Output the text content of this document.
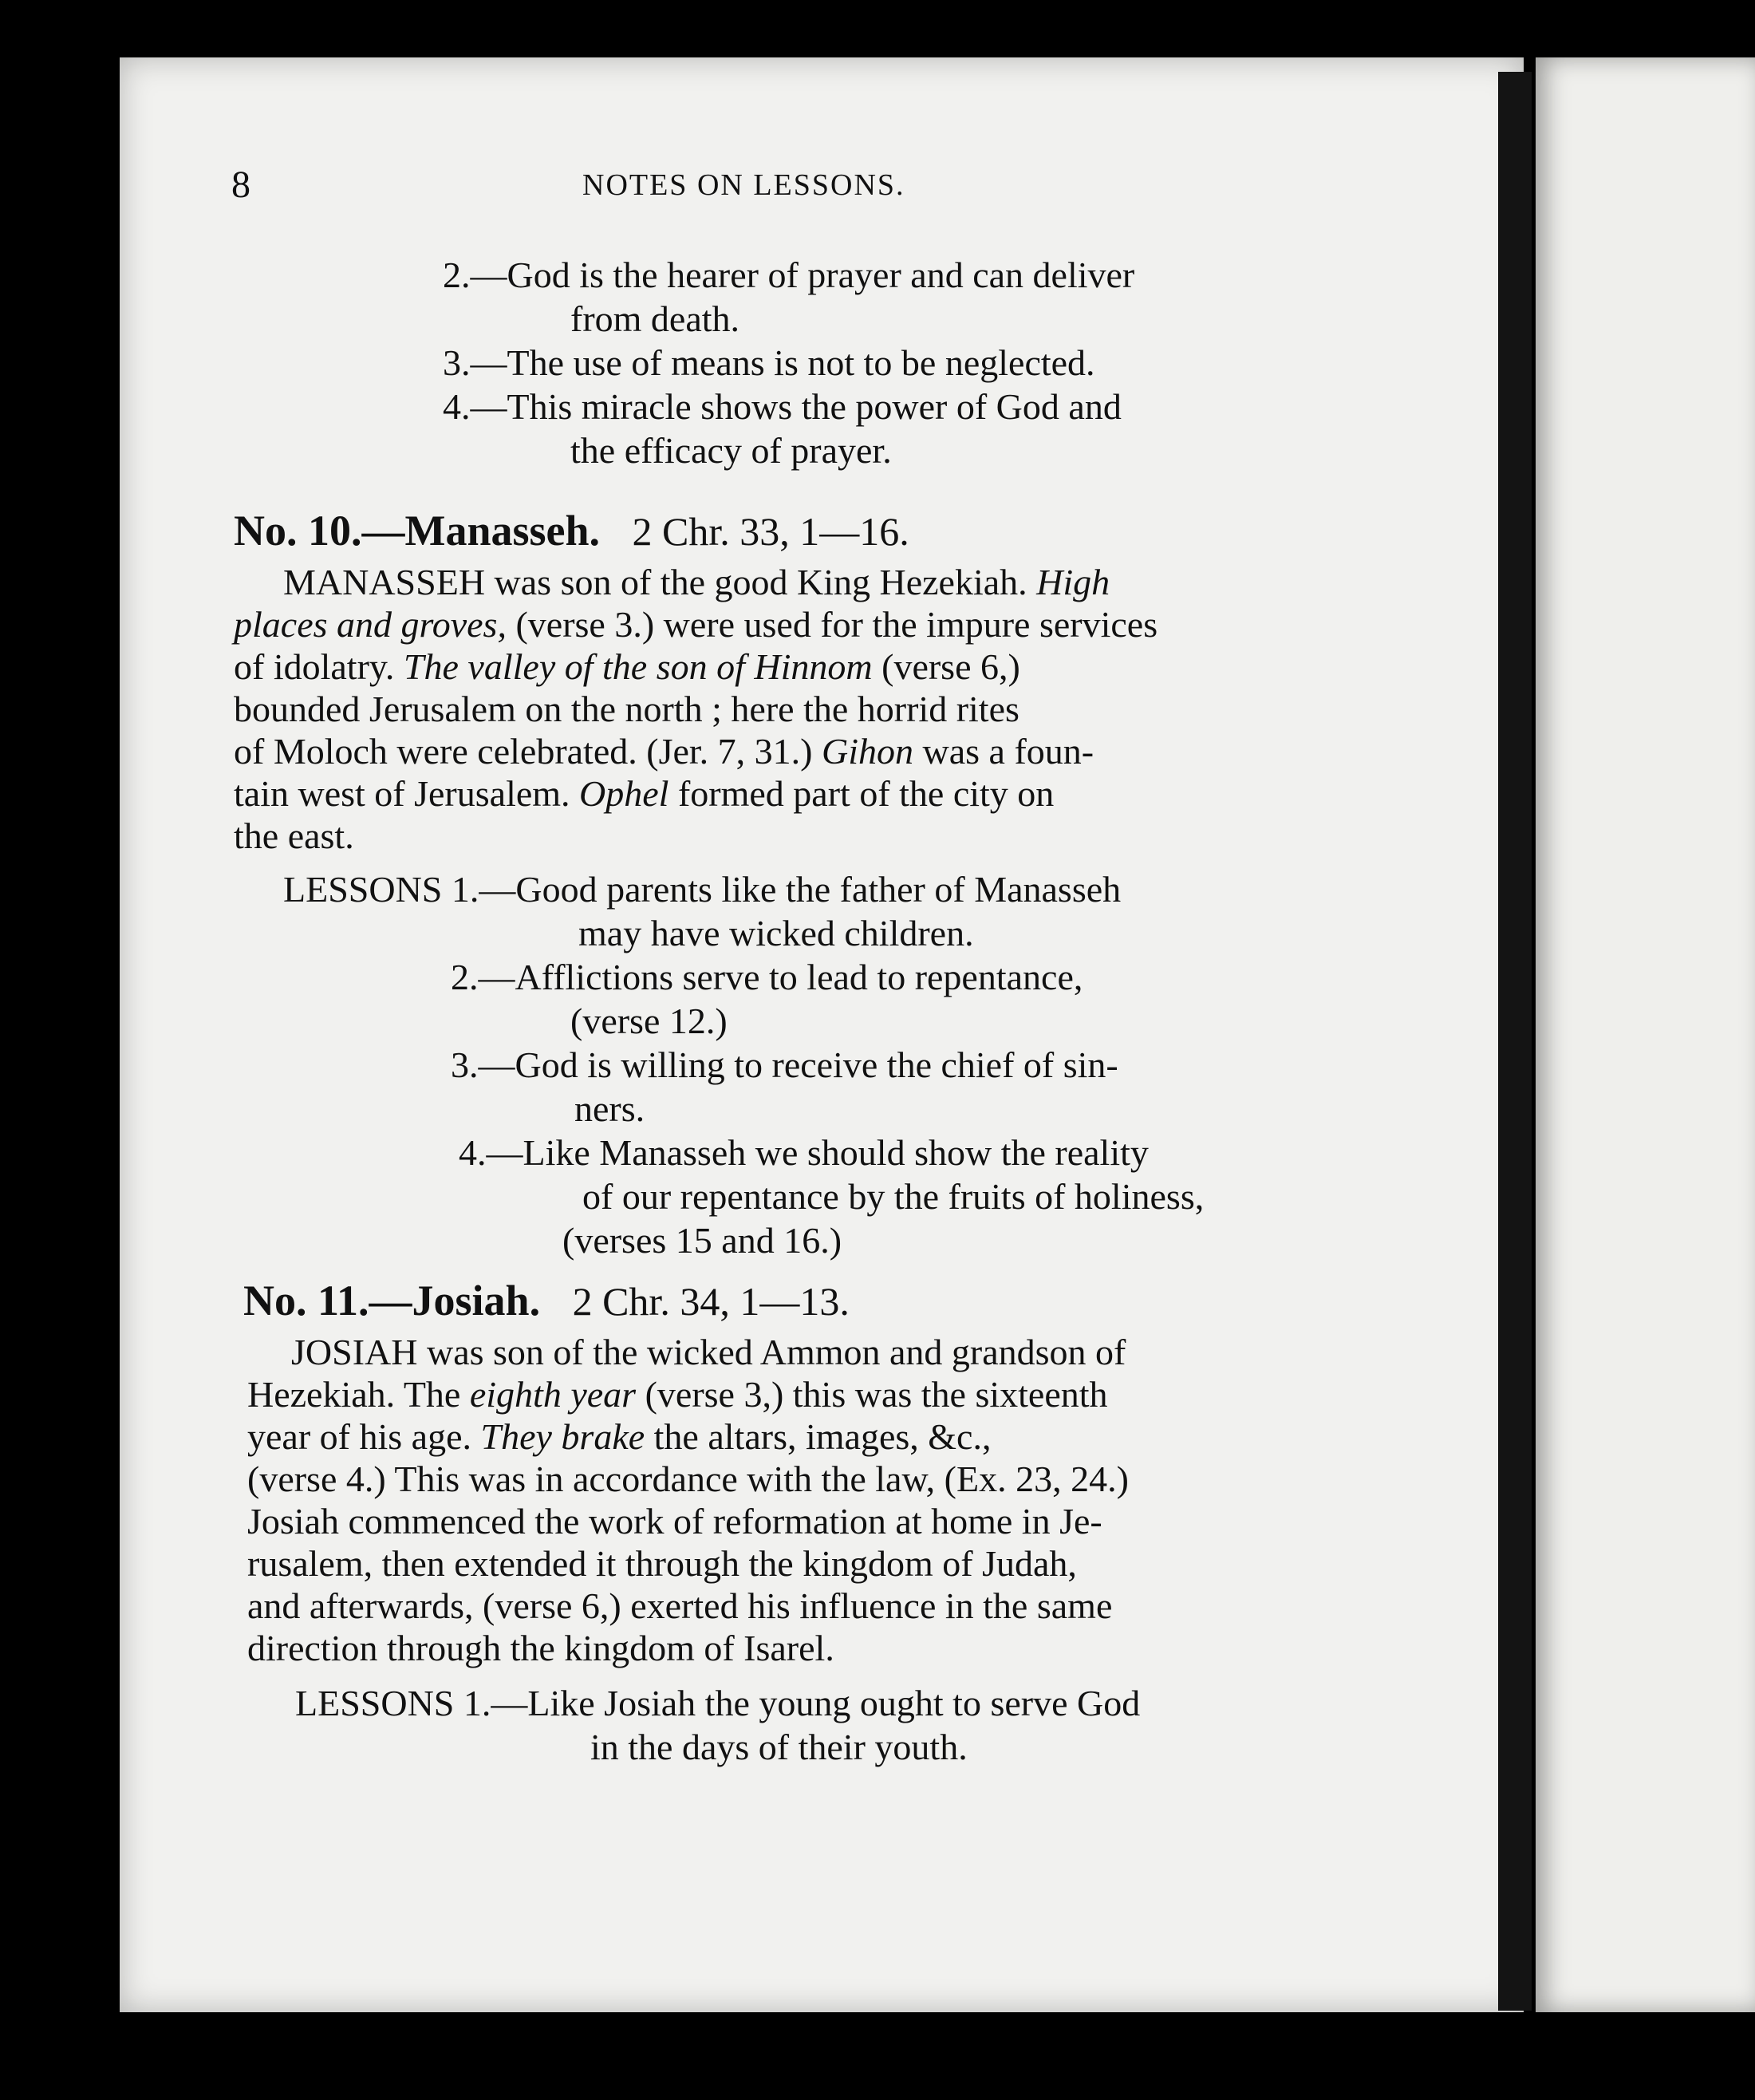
8	NOTES ON LESSONS.
2.—God is the hearer of prayer and can deliver
from death.
3.—The use of means is not to be neglected.
4.—This miracle shows the power of God and
the efficacy of prayer.
No. 10.—Manasseh. 2 Chr. 33, 1—16.
MANASSEH was son of the good King Hezekiah. High
places and groves, (verse 3.) were used for the impure services
of idolatry. The valley of the son of Hinnom (verse 6,)
bounded Jerusalem on the north ; here the horrid rites
of Moloch were celebrated. (Jer. 7, 31.) Gihon was a foun-
tain west of Jerusalem. Ophel formed part of the city on
the east.
LESSONS 1.—Good parents like the father of Manasseh
may have wicked children.
2.—Afflictions serve to lead to repentance,
(verse 12.)
3.—God is willing to receive the chief of sin-
ners.
4.—Like Manasseh we should show the reality
of our repentance by the fruits of holiness,
(verses 15 and 16.)
No. 11.—Josiah. 2 Chr. 34, 1—13.
JOSIAH was son of the wicked Ammon and grandson of
Hezekiah. The eighth year (verse 3,) this was the sixteenth
year of his age. They brake the altars, images, &c.,
(verse 4.) This was in accordance with the law, (Ex. 23, 24.)
Josiah commenced the work of reformation at home in Je-
rusalem, then extended it through the kingdom of Judah,
and afterwards, (verse 6,) exerted his influence in the same
direction through the kingdom of Isarel.
LESSONS 1.—Like Josiah the young ought to serve God
in the days of their youth.
